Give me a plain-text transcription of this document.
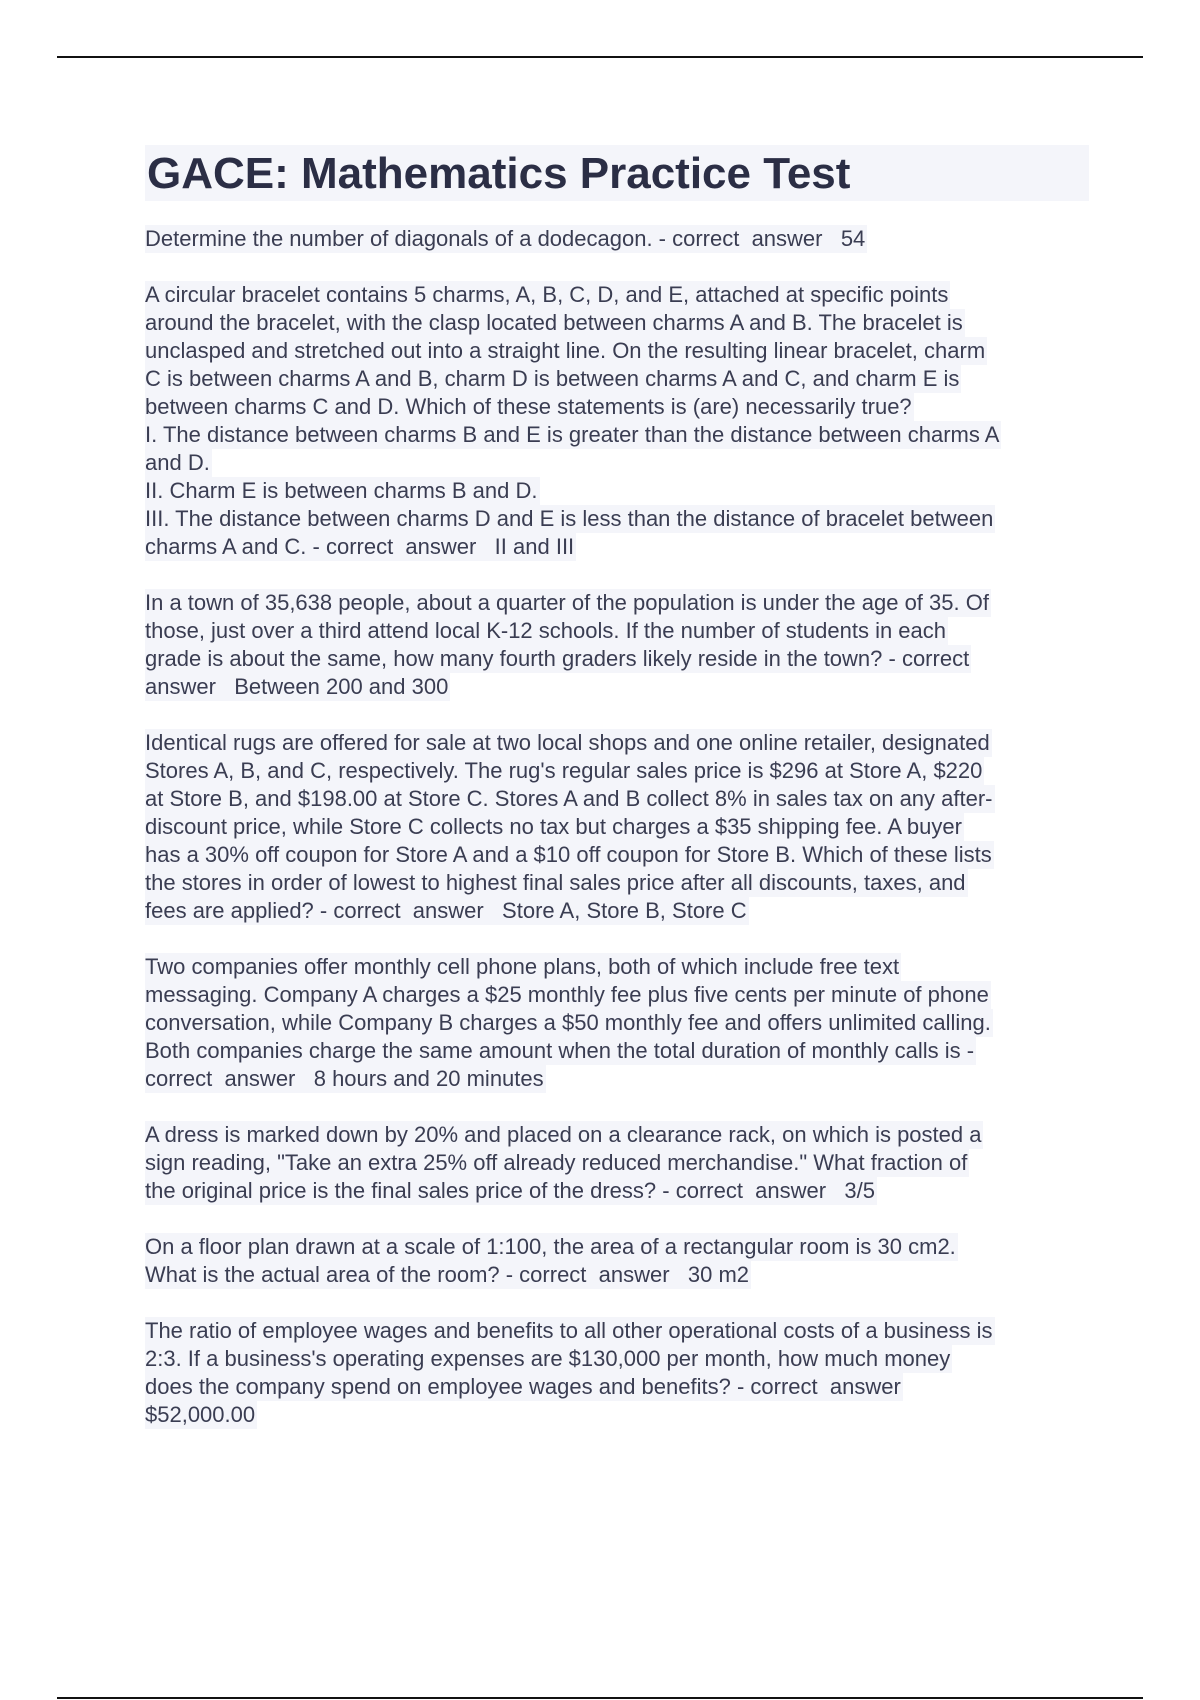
GACE: Mathematics Practice Test
Determine the number of diagonals of a dodecagon. - correct  answer   54
A circular bracelet contains 5 charms, A, B, C, D, and E, attached at specific points
around the bracelet, with the clasp located between charms A and B. The bracelet is
unclasped and stretched out into a straight line. On the resulting linear bracelet, charm
C is between charms A and B, charm D is between charms A and C, and charm E is
between charms C and D. Which of these statements is (are) necessarily true?
I. The distance between charms B and E is greater than the distance between charms A
and D.
II. Charm E is between charms B and D.
III. The distance between charms D and E is less than the distance of bracelet between
charms A and C. - correct  answer   II and III
In a town of 35,638 people, about a quarter of the population is under the age of 35. Of
those, just over a third attend local K-12 schools. If the number of students in each
grade is about the same, how many fourth graders likely reside in the town? - correct
answer   Between 200 and 300
Identical rugs are offered for sale at two local shops and one online retailer, designated
Stores A, B, and C, respectively. The rug's regular sales price is $296 at Store A, $220
at Store B, and $198.00 at Store C. Stores A and B collect 8% in sales tax on any after-
discount price, while Store C collects no tax but charges a $35 shipping fee. A buyer
has a 30% off coupon for Store A and a $10 off coupon for Store B. Which of these lists
the stores in order of lowest to highest final sales price after all discounts, taxes, and
fees are applied? - correct  answer   Store A, Store B, Store C
Two companies offer monthly cell phone plans, both of which include free text
messaging. Company A charges a $25 monthly fee plus five cents per minute of phone
conversation, while Company B charges a $50 monthly fee and offers unlimited calling.
Both companies charge the same amount when the total duration of monthly calls is -
correct  answer   8 hours and 20 minutes
A dress is marked down by 20% and placed on a clearance rack, on which is posted a
sign reading, "Take an extra 25% off already reduced merchandise." What fraction of
the original price is the final sales price of the dress? - correct  answer   3/5
On a floor plan drawn at a scale of 1:100, the area of a rectangular room is 30 cm2.
What is the actual area of the room? - correct  answer   30 m2
The ratio of employee wages and benefits to all other operational costs of a business is
2:3. If a business's operating expenses are $130,000 per month, how much money
does the company spend on employee wages and benefits? - correct  answer
$52,000.00
